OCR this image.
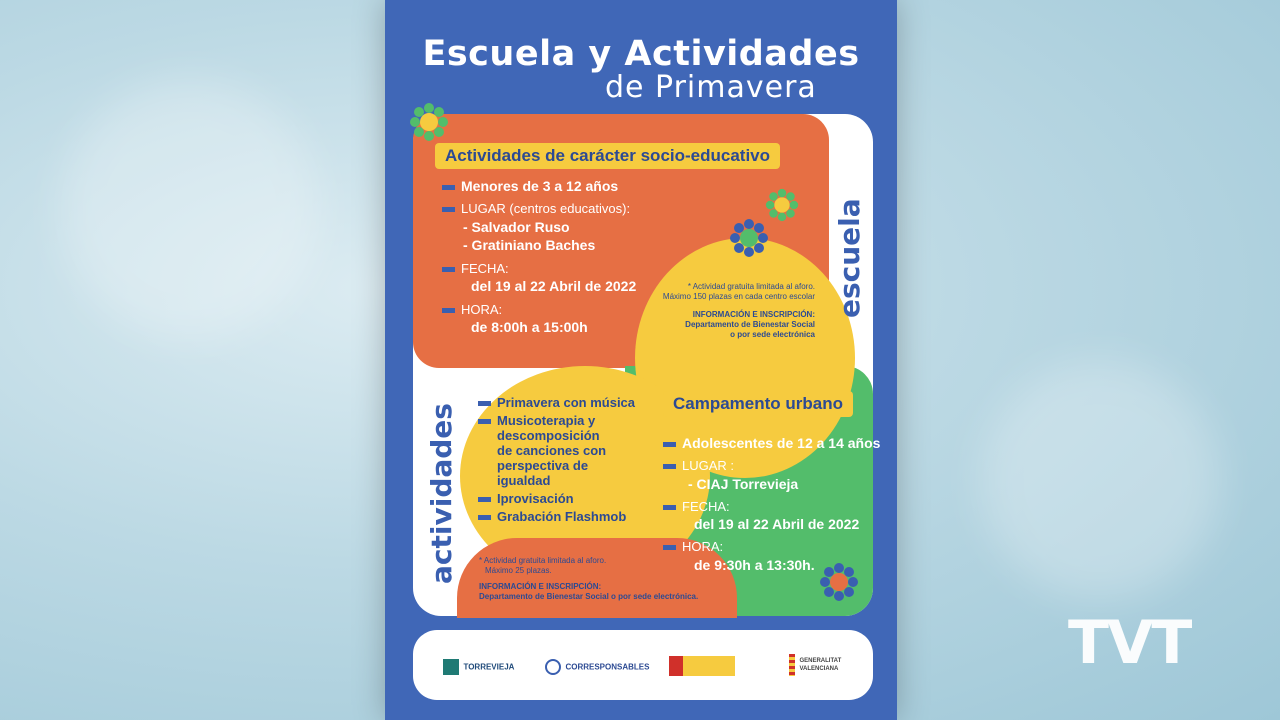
Escuela y Actividades
de Primavera
Actividades de carácter socio-educativo
Menores de 3 a 12 años
LUGAR (centros educativos):
- Salvador Ruso
- Gratiniano Baches
FECHA:
del 19 al 22 Abril de 2022
HORA:
de 8:00h a 15:00h
* Actividad gratuita limitada al aforo.
Máximo 150 plazas en cada centro escolar
INFORMACIÓN E INSCRIPCIÓN:
Departamento de Bienestar Social
o por sede electrónica
escuela
actividades
Primavera con música
Musicoterapia y
descomposición
de canciones con
perspectiva de
igualdad
Iprovisación
Grabación Flashmob
* Actividad gratuita limitada al aforo.
Máximo 25 plazas.
INFORMACIÓN E INSCRIPCIÓN:
Departamento de Bienestar Social o por sede electrónica.
Campamento urbano
Adolescentes de 12 a 14 años
LUGAR :
- CIAJ Torrevieja
FECHA:
del 19 al 22 Abril de 2022
HORA:
de 9:30h a 13:30h.
TORREVIEJA	CORRESPONSABLES
GENERALITAT VALENCIANA	TVT
